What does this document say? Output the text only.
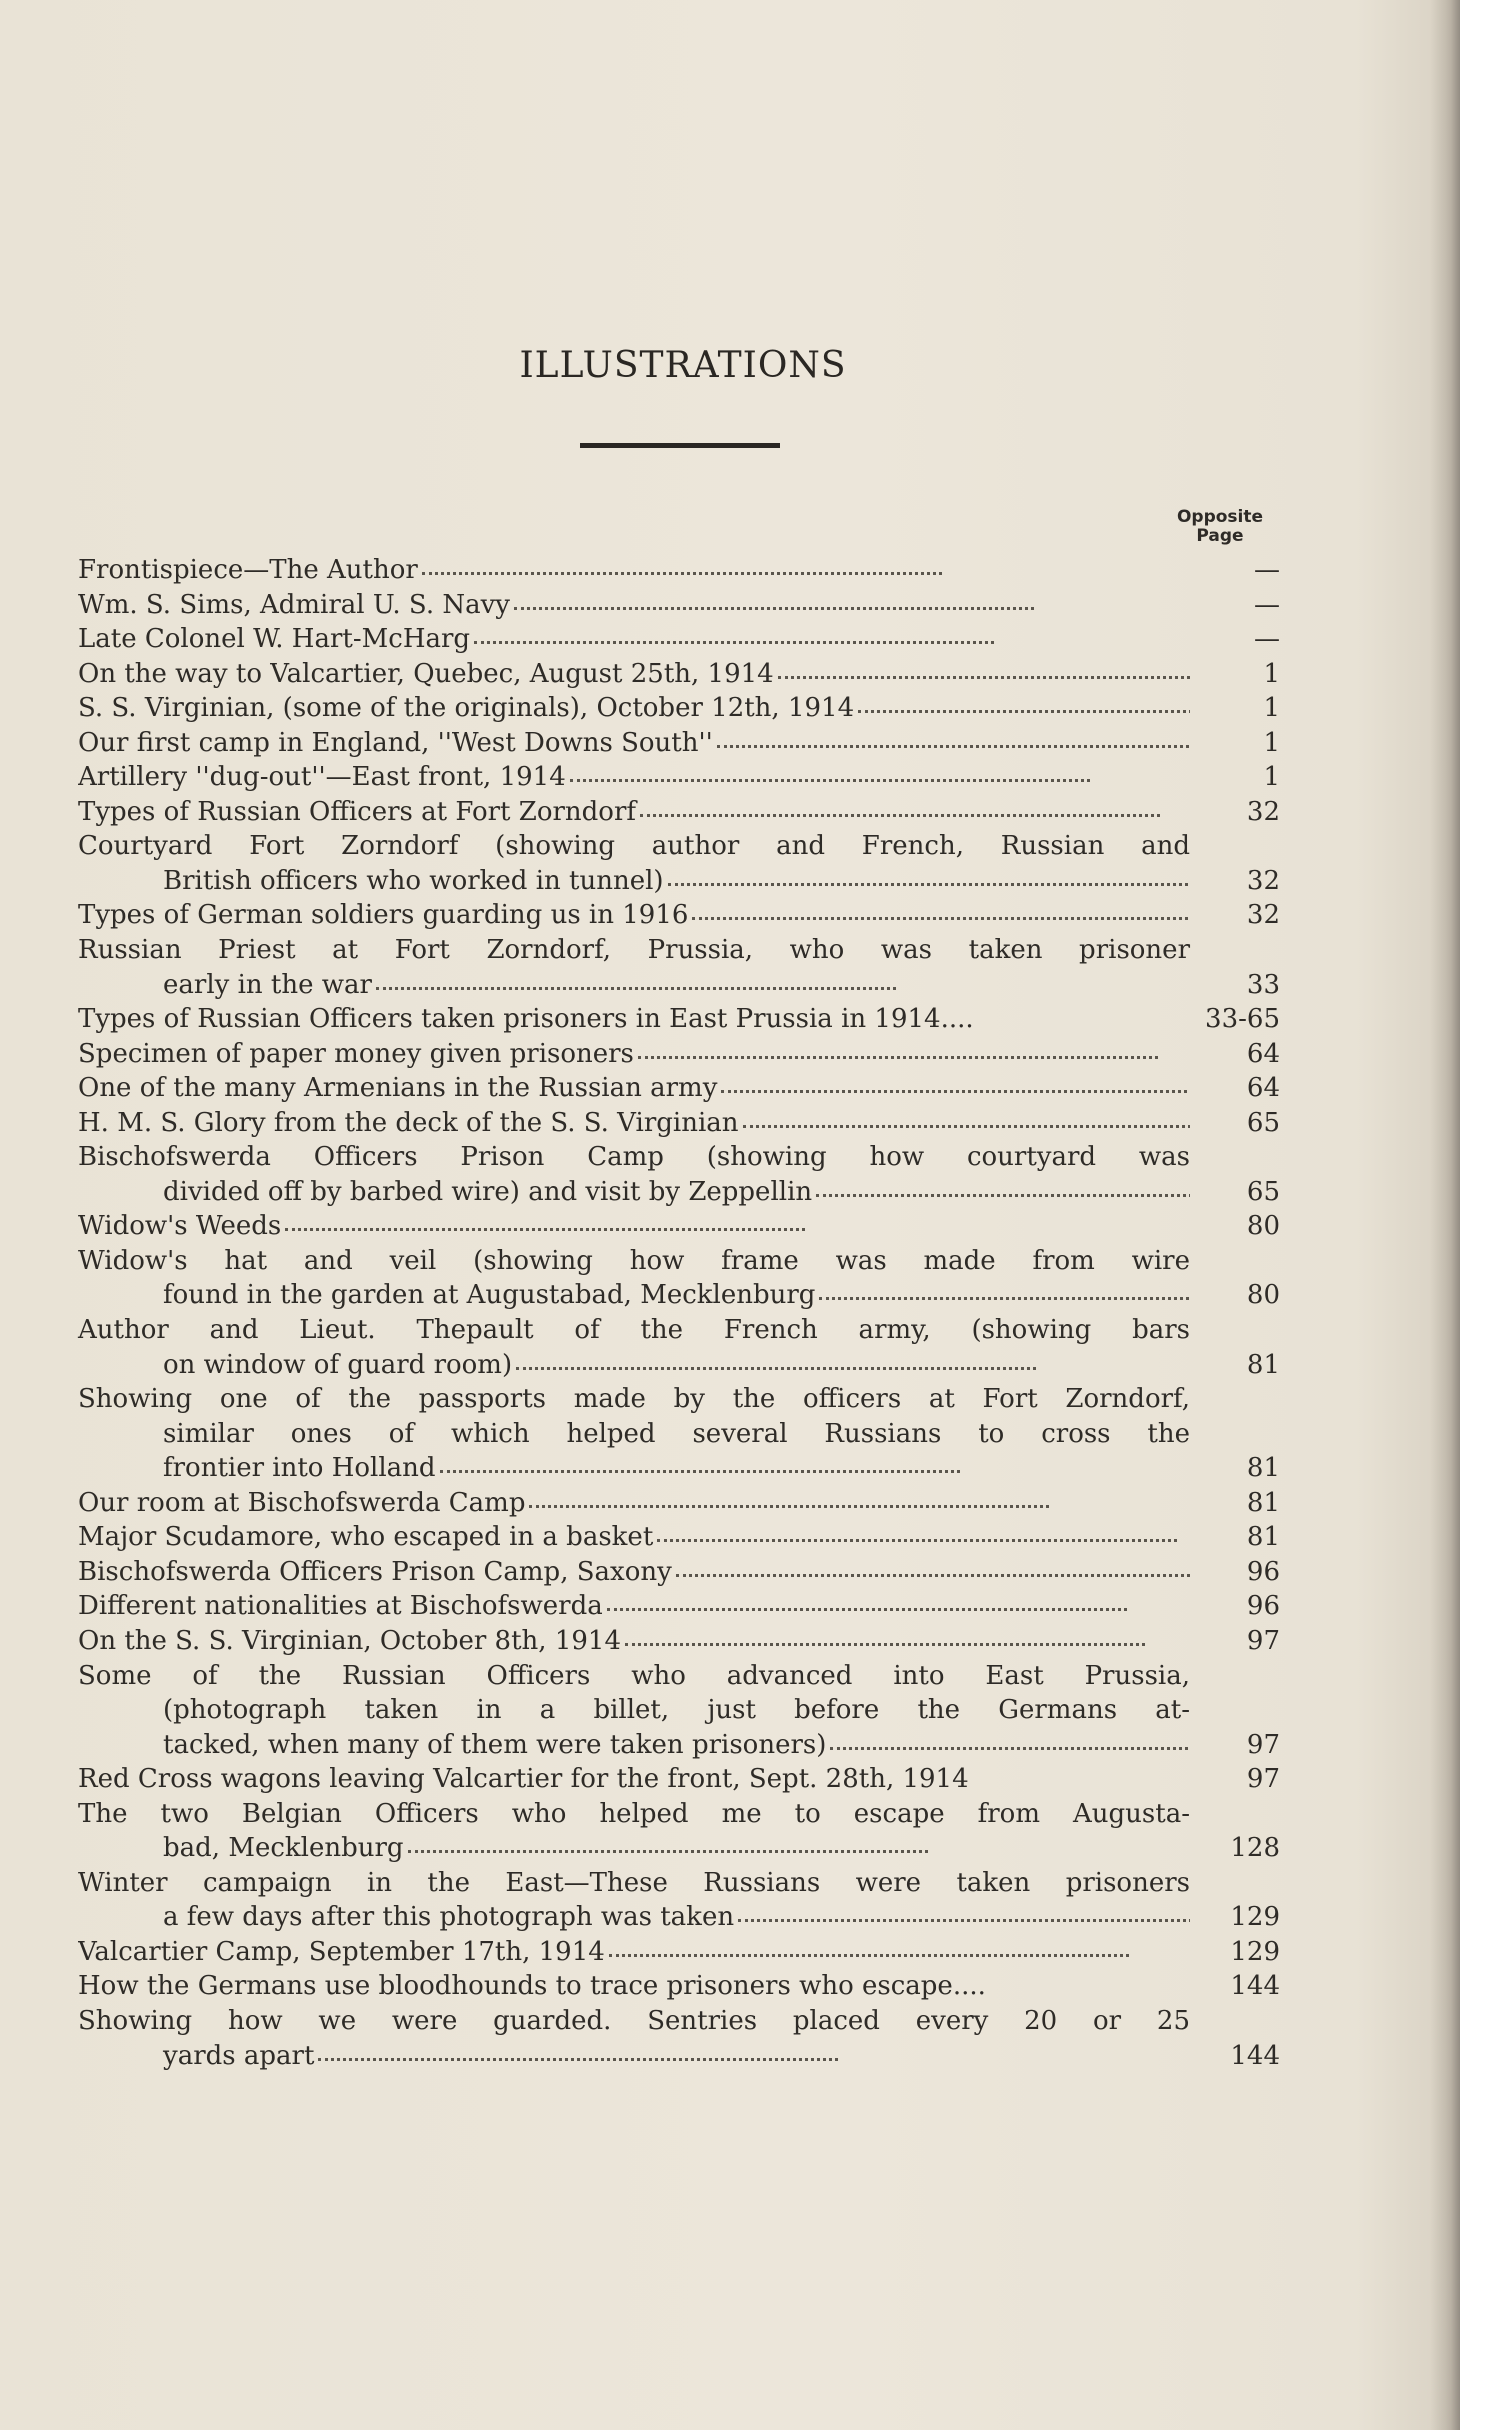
ILLUSTRATIONS
Opposite
Page
Frontispiece—The Author	—
Wm. S. Sims, Admiral U. S. Navy	—
Late Colonel W. Hart-McHarg	—
On the way to Valcartier, Quebec, August 25th, 1914	1
S. S. Virginian, (some of the originals), October 12th, 1914	1
Our first camp in England, ''West Downs South''	1
Artillery ''dug-out''—East front, 1914	1
Types of Russian Officers at Fort Zorndorf	32
Courtyard Fort Zorndorf (showing author and French, Russian and
British officers who worked in tunnel)	32
Types of German soldiers guarding us in 1916	32
Russian Priest at Fort Zorndorf, Prussia, who was taken prisoner
early in the war	33
Types of Russian Officers taken prisoners in East Prussia in 1914....	33-65
Specimen of paper money given prisoners	64
One of the many Armenians in the Russian army	64
H. M. S. Glory from the deck of the S. S. Virginian	65
Bischofswerda Officers Prison Camp (showing how courtyard was
divided off by barbed wire) and visit by Zeppellin	65
Widow's Weeds	80
Widow's hat and veil (showing how frame was made from wire
found in the garden at Augustabad, Mecklenburg	80
Author and Lieut. Thepault of the French army, (showing bars
on window of guard room)	81
Showing one of the passports made by the officers at Fort Zorndorf,
similar ones of which helped several Russians to cross the
frontier into Holland	81
Our room at Bischofswerda Camp	81
Major Scudamore, who escaped in a basket	81
Bischofswerda Officers Prison Camp, Saxony	96
Different nationalities at Bischofswerda	96
On the S. S. Virginian, October 8th, 1914	97
Some of the Russian Officers who advanced into East Prussia,
(photograph taken in a billet, just before the Germans at-
tacked, when many of them were taken prisoners)	97
Red Cross wagons leaving Valcartier for the front, Sept. 28th, 1914	97
The two Belgian Officers who helped me to escape from Augusta-
bad, Mecklenburg	128
Winter campaign in the East—These Russians were taken prisoners
a few days after this photograph was taken	129
Valcartier Camp, September 17th, 1914	129
How the Germans use bloodhounds to trace prisoners who escape....	144
Showing how we were guarded. Sentries placed every 20 or 25
yards apart	144
